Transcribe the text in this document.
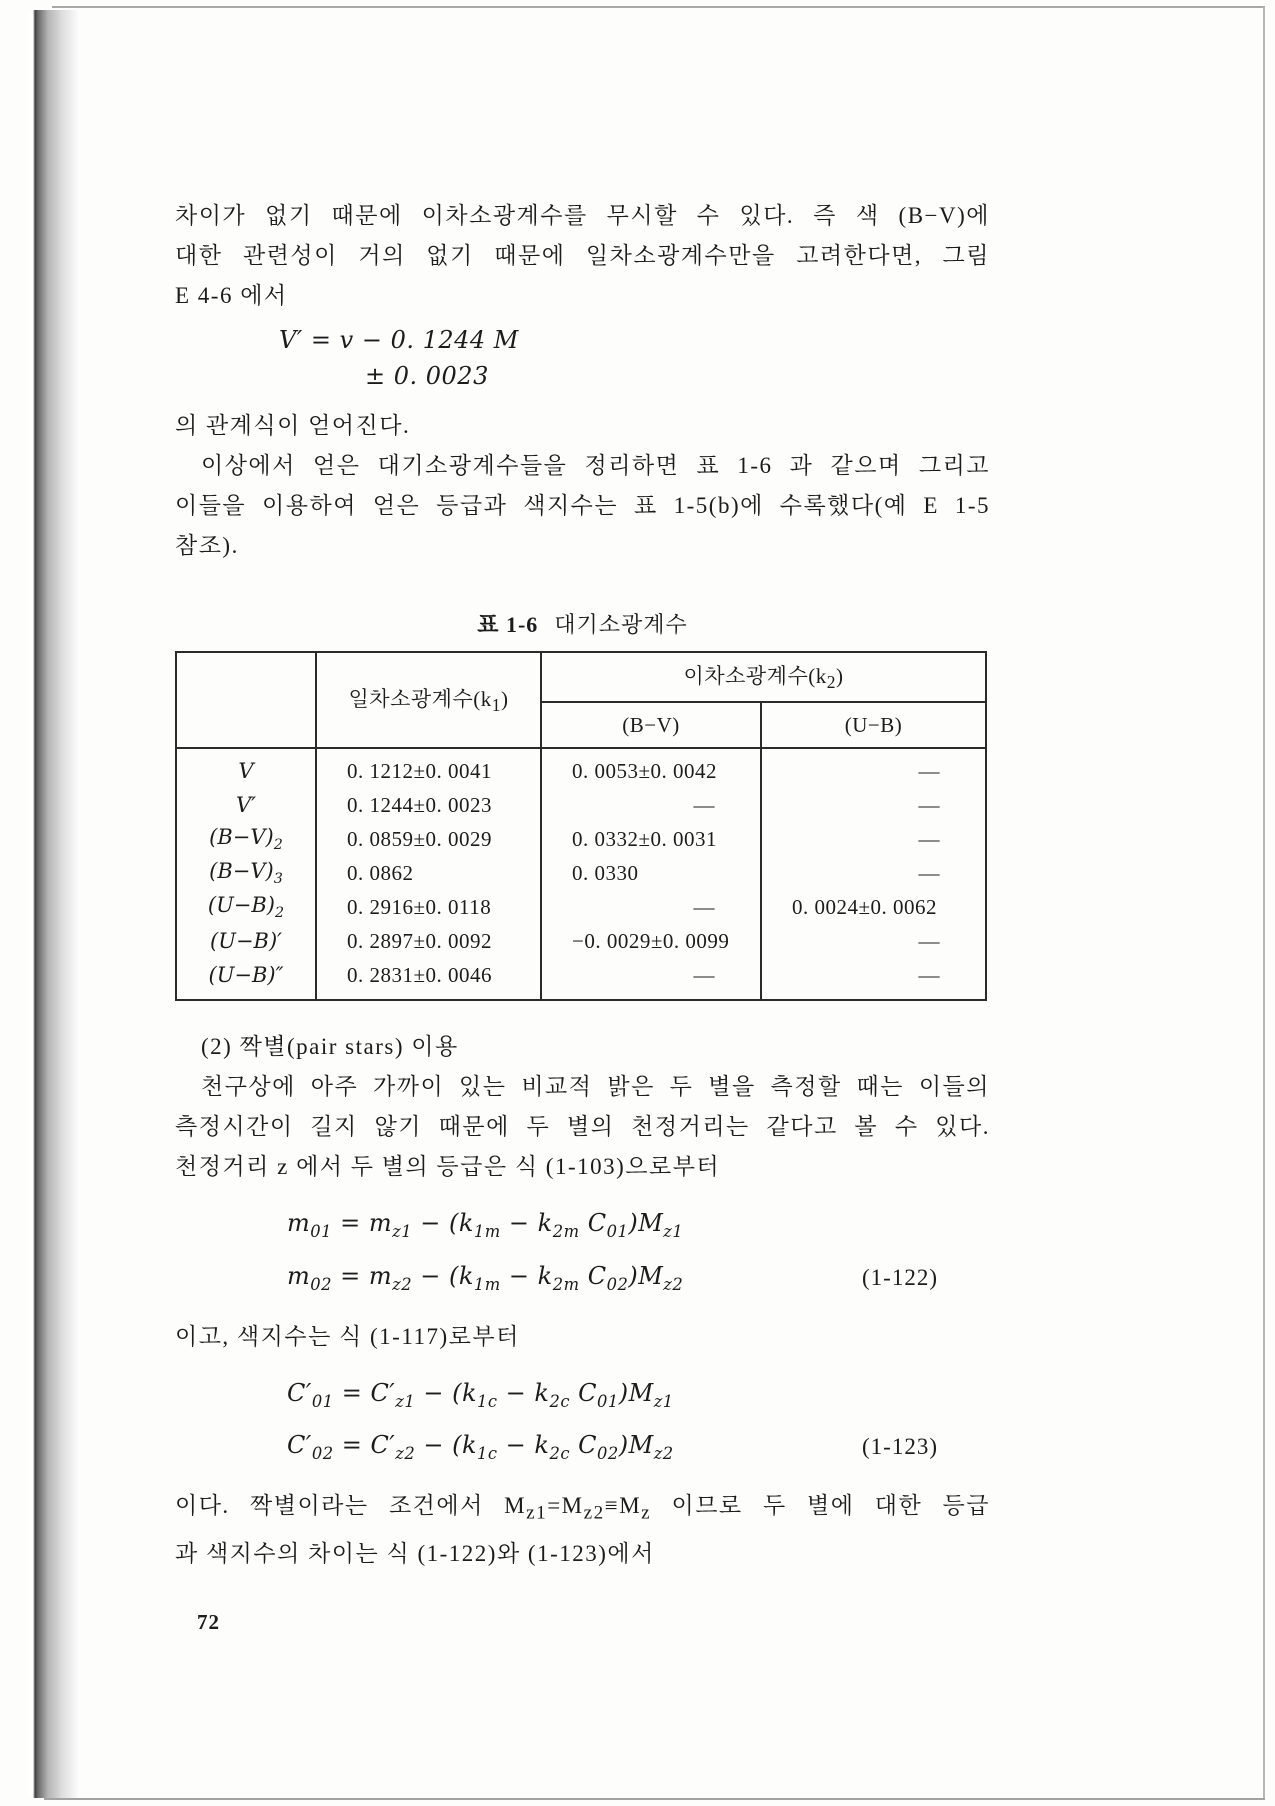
차이가 없기 때문에 이차소광계수를 무시할 수 있다. 즉 색 (B−V)에

대한 관련성이 거의 없기 때문에 일차소광계수만을 고려한다면, 그림

E 4-6 에서

V′ = v − 0. 1244 M
± 0. 0023

의 관계식이 얻어진다.

이상에서 얻은 대기소광계수들을 정리하면 표 1-6 과 같으며 그리고

이들을 이용하여 얻은 등급과 색지수는 표 1-5(b)에 수록했다(예 E 1-5

참조).

표 1-6 대기소광계수
	일차소광계수$(k_1)$	이차소광계수$(k_2)$	
		(B−V)	(U−B)
V	0. 1212±0. 0041	0. 0053±0. 0042	—
V′	0. 1244±0. 0023	—	—
$(B-V)_2$	0. 0859±0. 0029	0. 0332±0. 0031	—
$(B-V)_3$	0. 0862	0. 0330	—
$(U-B)_2$	0. 2916±0. 0118	—	0. 0024±0. 0062
(U−B)′	0. 2897±0. 0092	−0. 0029±0. 0099	—
(U−B)″	0. 2831±0. 0046	—	—

(2) 짝별(pair stars) 이용

천구상에 아주 가까이 있는 비교적 밝은 두 별을 측정할 때는 이들의

측정시간이 길지 않기 때문에 두 별의 천정거리는 같다고 볼 수 있다.

천정거리 z 에서 두 별의 등급은 식 (1-103)으로부터

$m_{01} = m_{z1} - (k_{1m} - k_{2m}$ $C_{01})M_{z1}$
$m_{02} = m_{z2} - (k_{1m} - k_{2m}$ $C_{02})M_{z2}$	(1-122)

이고, 색지수는 식 (1-117)로부터

$C'_{01} = C'_{z1} - (k_{1c} - k_{2c}$ $C_{01})M_{z1}$
$C'_{02} = C'_{z2} - (k_{1c} - k_{2c}$ $C_{02})M_{z2}$	(1-123)

이다. 짝별이라는 조건에서 $M_{z1}=M_{z2}\equiv M_z$ 이므로 두 별에 대한 등급

과 색지수의 차이는 식 (1-122)와 (1-123)에서

72
